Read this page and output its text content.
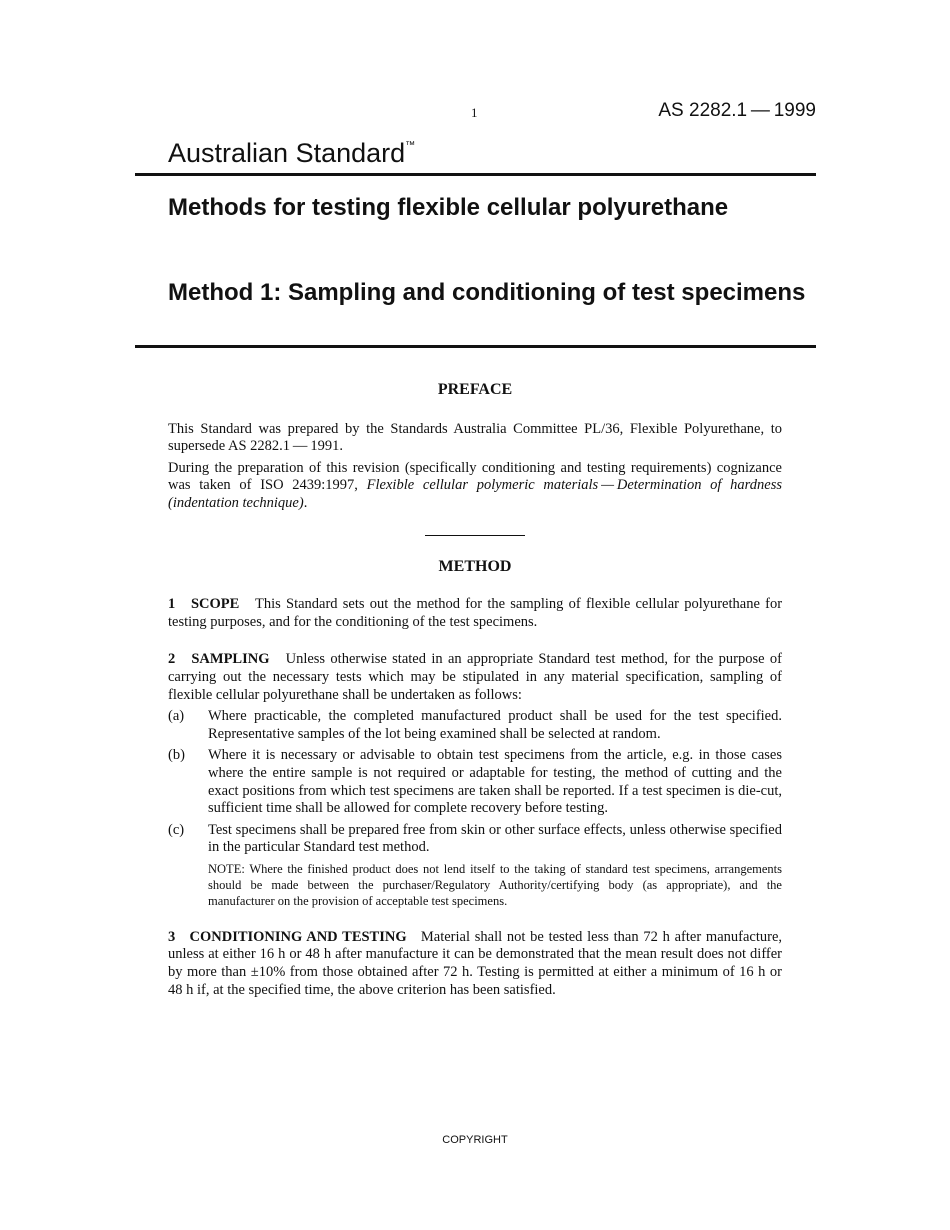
1	AS 2282.1 — 1999
Australian Standard™
Methods for testing flexible cellular polyurethane
Method 1: Sampling and conditioning of test specimens
PREFACE

This Standard was prepared by the Standards Australia Committee PL/36, Flexible Polyurethane, to supersede AS 2282.1 — 1991.

During the preparation of this revision (specifically conditioning and testing requirements) cognizance was taken of ISO 2439:1997, Flexible cellular polymeric materials — Determination of hardness (indentation technique).

METHOD

1 SCOPE This Standard sets out the method for the sampling of flexible cellular polyurethane for testing purposes, and for the conditioning of the test specimens.

2 SAMPLING Unless otherwise stated in an appropriate Standard test method, for the purpose of carrying out the necessary tests which may be stipulated in any material specification, sampling of flexible cellular polyurethane shall be undertaken as follows:

(a)	Where practicable, the completed manufactured product shall be used for the test specified. Representative samples of the lot being examined shall be selected at random.
(b)	Where it is necessary or advisable to obtain test specimens from the article, e.g. in those cases where the entire sample is not required or adaptable for testing, the method of cutting and the exact positions from which test specimens are taken shall be reported. If a test specimen is die-cut, sufficient time shall be allowed for complete recovery before testing.
(c)	Test specimens shall be prepared free from skin or other surface effects, unless otherwise specified in the particular Standard test method.
NOTE: Where the finished product does not lend itself to the taking of standard test specimens, arrangements should be made between the purchaser/Regulatory Authority/certifying body (as appropriate), and the manufacturer on the provision of acceptable test specimens.

3 CONDITIONING AND TESTING Material shall not be tested less than 72 h after manufacture, unless at either 16 h or 48 h after manufacture it can be demonstrated that the mean result does not differ by more than ±10% from those obtained after 72 h. Testing is permitted at either a minimum of 16 h or 48 h if, at the specified time, the above criterion has been satisfied.

COPYRIGHT
